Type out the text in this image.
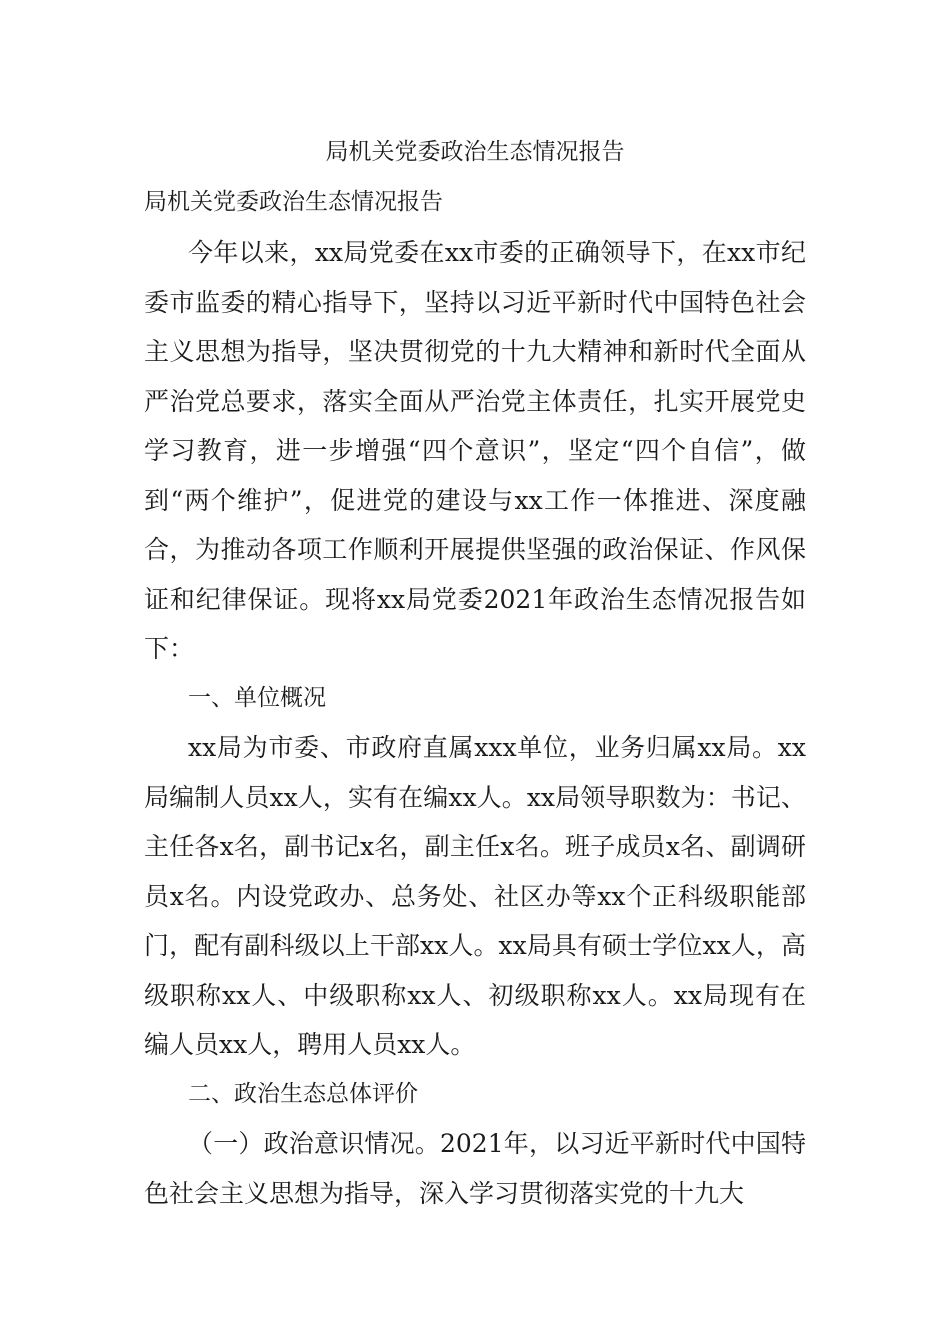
局机关党委政治生态情况报告

局机关党委政治生态情况报告

今年以来，xx局党委在xx市委的正确领导下，在xx市纪委市监委的精心指导下，坚持以习近平新时代中国特色社会主义思想为指导，坚决贯彻党的十九大精神和新时代全面从严治党总要求，落实全面从严治党主体责任，扎实开展党史学习教育，进一步增强“四个意识”，坚定“四个自信”，做到“两个维护”，促进党的建设与xx工作一体推进、深度融合，为推动各项工作顺利开展提供坚强的政治保证、作风保证和纪律保证。现将xx局党委2021年政治生态情况报告如下：

一、单位概况

xx局为市委、市政府直属xxx单位，业务归属xx局。xx局编制人员xx人，实有在编xx人。xx局领导职数为：书记、主任各x名，副书记x名，副主任x名。班子成员x名、副调研员x名。内设党政办、总务处、社区办等xx个正科级职能部门，配有副科级以上干部xx人。xx局具有硕士学位xx人，高级职称xx人、中级职称xx人、初级职称xx人。xx局现有在编人员xx人，聘用人员xx人。

二、政治生态总体评价

（一）政治意识情况。2021年，以习近平新时代中国特色社会主义思想为指导，深入学习贯彻落实党的十九大
